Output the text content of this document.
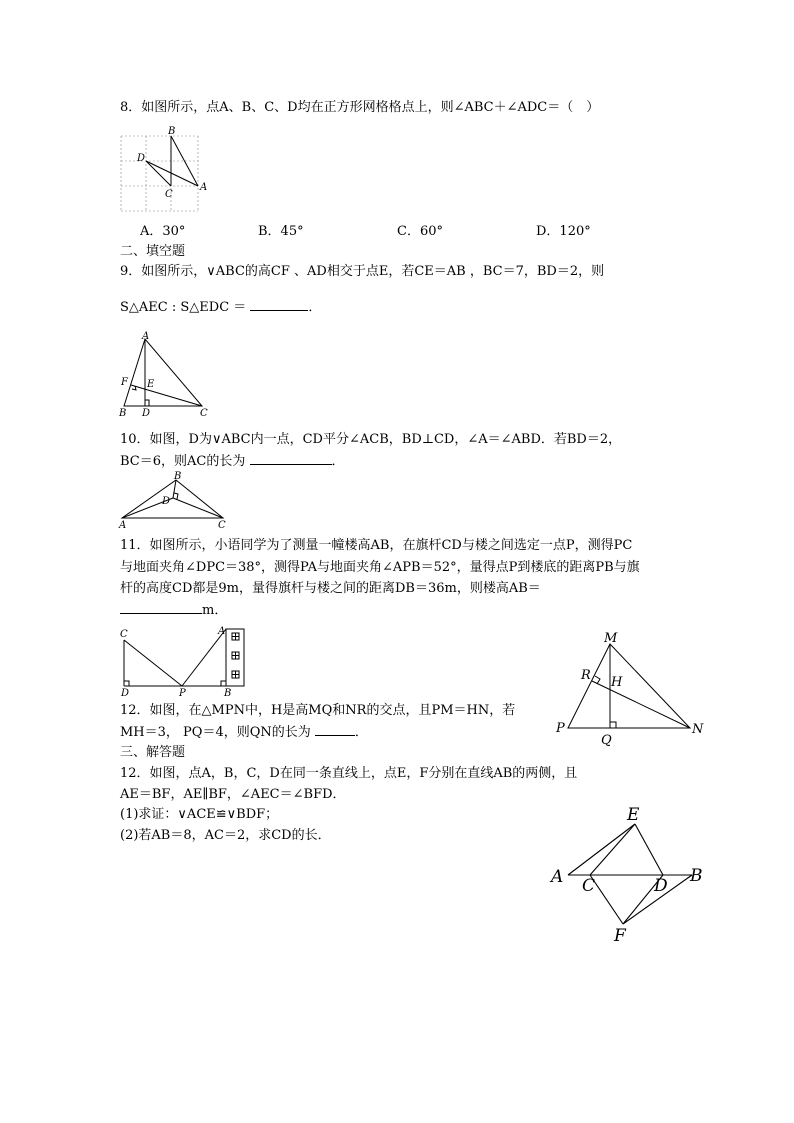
8．如图所示，点A、B、C、D均在正方形网格格点上，则∠ABC＋∠ADC＝（　）
B
D
C
A
A．30°	B．45°	C．60°	D．120°
二、填空题
9．如图所示，∨ABC的高CF 、AD相交于点E，若CE＝AB ，BC＝7，BD＝2，则
S△AEC : S△EDC ＝	．
A
F E
B D	C
10．如图，D为∨ABC内一点，CD平分∠ACB，BD⊥CD，∠A＝∠ABD．若BD＝2，
BC＝6，则AC的长为	．
B
D
A	C
11．如图所示，小语同学为了测量一幢楼高AB，在旗杆CD与楼之间选定一点P，测得PC
与地面夹角∠DPC＝38°，测得PA与地面夹角∠APB＝52°，量得点P到楼底的距离PB与旗
杆的高度CD都是9m，量得旗杆与楼之间的距离DB＝36m，则楼高AB＝
m．
C	A
D	P	B
12．如图，在△MPN中，H是高MQ和NR的交点，且PM＝HN，若
MH＝3， PQ＝4，则QN的长为	．
M
R H
P
Q
N
三、解答题
12．如图，点A，B，C，D在同一条直线上，点E，F分别在直线AB的两侧，且
AE＝BF，AE∥BF，∠AEC＝∠BFD．
(1)求证：∨ACE≌∨BDF；
(2)若AB＝8，AC＝2，求CD的长．
E
A C	D B
F
